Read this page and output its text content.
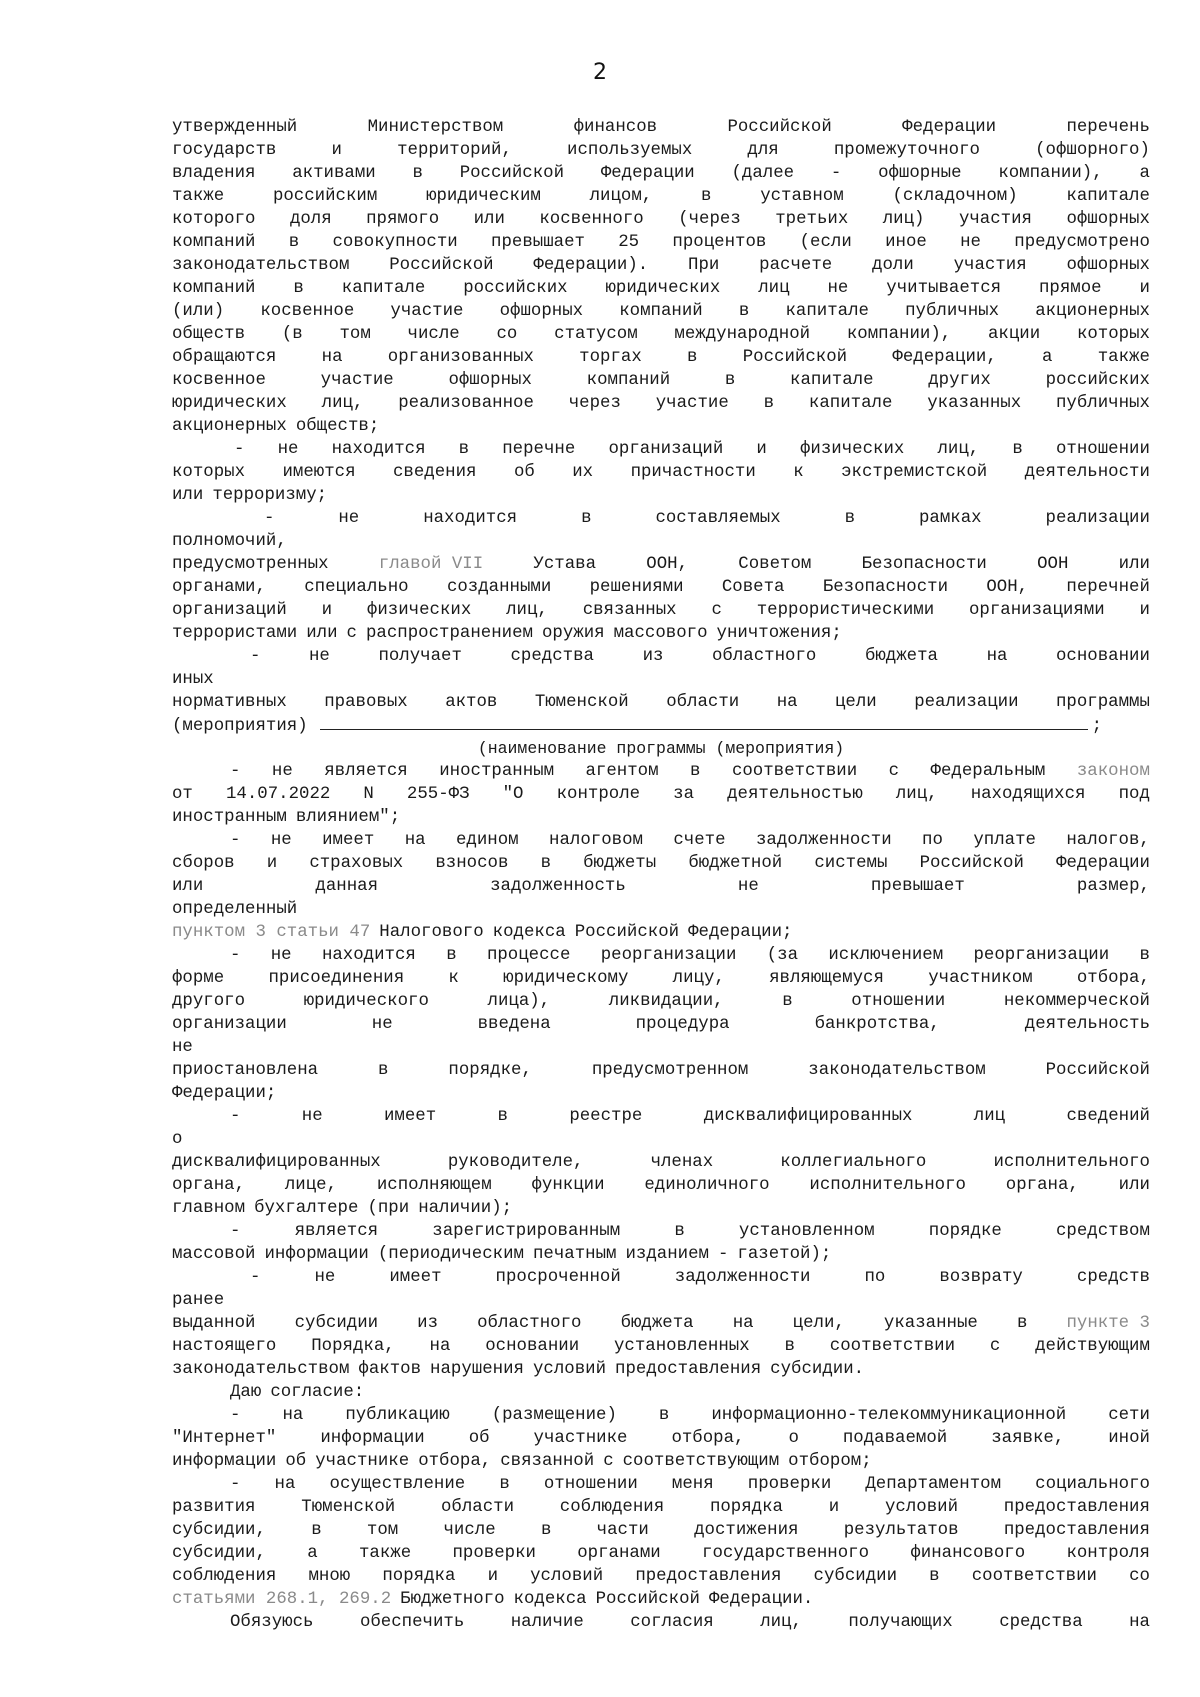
2
утвержденный	Министерством	финансов	Российской	Федерации	перечень
государств	и	территорий,	используемых	для	промежуточного	(офшорного)
владения активами в Российской Федерации (далее - офшорные компании), а
также	российским	юридическим	лицом,	в	уставном	(складочном)	капитале
которого доля прямого или косвенного (через третьих лиц) участия офшорных
компаний в совокупности превышает 25 процентов (если иное не предусмотрено
законодательством Российской Федерации). При расчете доли участия офшорных
компаний в капитале российских юридических лиц не учитывается прямое и
(или) косвенное участие офшорных компаний в капитале публичных акционерных
обществ (в том числе со статусом международной компании), акции которых
обращаются	на	организованных	торгах	в	Российской	Федерации,	а	также
косвенное	участие	офшорных	компаний	в	капитале	других	российских
юридических лиц, реализованное через участие в капитале указанных публичных
акционерных обществ;
- не находится в перечне организаций и физических лиц, в отношении
которых имеются сведения об их причастности к экстремистской деятельности
или терроризму;
-	не	находится	в	составляемых	в	рамках	реализации
полномочий,
предусмотренных	главой VII	Устава	ООН,	Советом	Безопасности	ООН	или
органами, специально созданными решениями Совета Безопасности ООН, перечней
организаций и физических лиц, связанных с террористическими организациями и
террористами или с распространением оружия массового уничтожения;
-	не	получает	средства	из	областного	бюджета	на	основании
иных
нормативных правовых актов Тюменской области на цели реализации программы
(мероприятия)	;
(наименование программы (мероприятия)
- не является иностранным агентом в соответствии с Федеральным законом
от 14.07.2022 N 255-ФЗ "О контроле за деятельностью лиц, находящихся под
иностранным влиянием";
- не имеет на едином налоговом счете задолженности по уплате налогов,
сборов и страховых взносов в бюджеты бюджетной системы Российской Федерации
или	данная	задолженность	не	превышает	размер,
определенный
пунктом 3 статьи 47 Налогового кодекса Российской Федерации;
- не находится в процессе реорганизации (за исключением реорганизации в
форме	присоединения	к	юридическому	лицу,	являющемуся	участником	отбора,
другого	юридического	лица),	ликвидации,	в	отношении	некоммерческой
организации	не	введена	процедура	банкротства,	деятельность
не
приостановлена	в	порядке,	предусмотренном	законодательством	Российской
Федерации;
-	не	имеет	в	реестре	дисквалифицированных	лиц	сведений
о
дисквалифицированных	руководителе,	членах	коллегиального	исполнительного
органа, лице, исполняющем функции единоличного исполнительного органа, или
главном бухгалтере (при наличии);
-	является	зарегистрированным	в	установленном	порядке	средством
массовой информации (периодическим печатным изданием - газетой);
-	не	имеет	просроченной	задолженности	по	возврату	средств
ранее
выданной субсидии из областного бюджета на цели, указанные в пункте 3
настоящего Порядка, на основании установленных в соответствии с действующим
законодательством фактов нарушения условий предоставления субсидии.
Даю согласие:
- на публикацию (размещение) в информационно-телекоммуникационной сети
"Интернет"	информации	об	участнике	отбора,	о	подаваемой	заявке,	иной
информации об участнике отбора, связанной с соответствующим отбором;
- на осуществление в отношении меня проверки Департаментом социального
развития	Тюменской	области	соблюдения	порядка	и	условий	предоставления
субсидии,	в	том	числе	в	части	достижения	результатов	предоставления
субсидии, а также проверки органами государственного финансового контроля
соблюдения мною порядка и условий предоставления субсидии в соответствии со
статьями 268.1, 269.2 Бюджетного кодекса Российской Федерации.
Обязуюсь	обеспечить	наличие	согласия	лиц,	получающих	средства	на
